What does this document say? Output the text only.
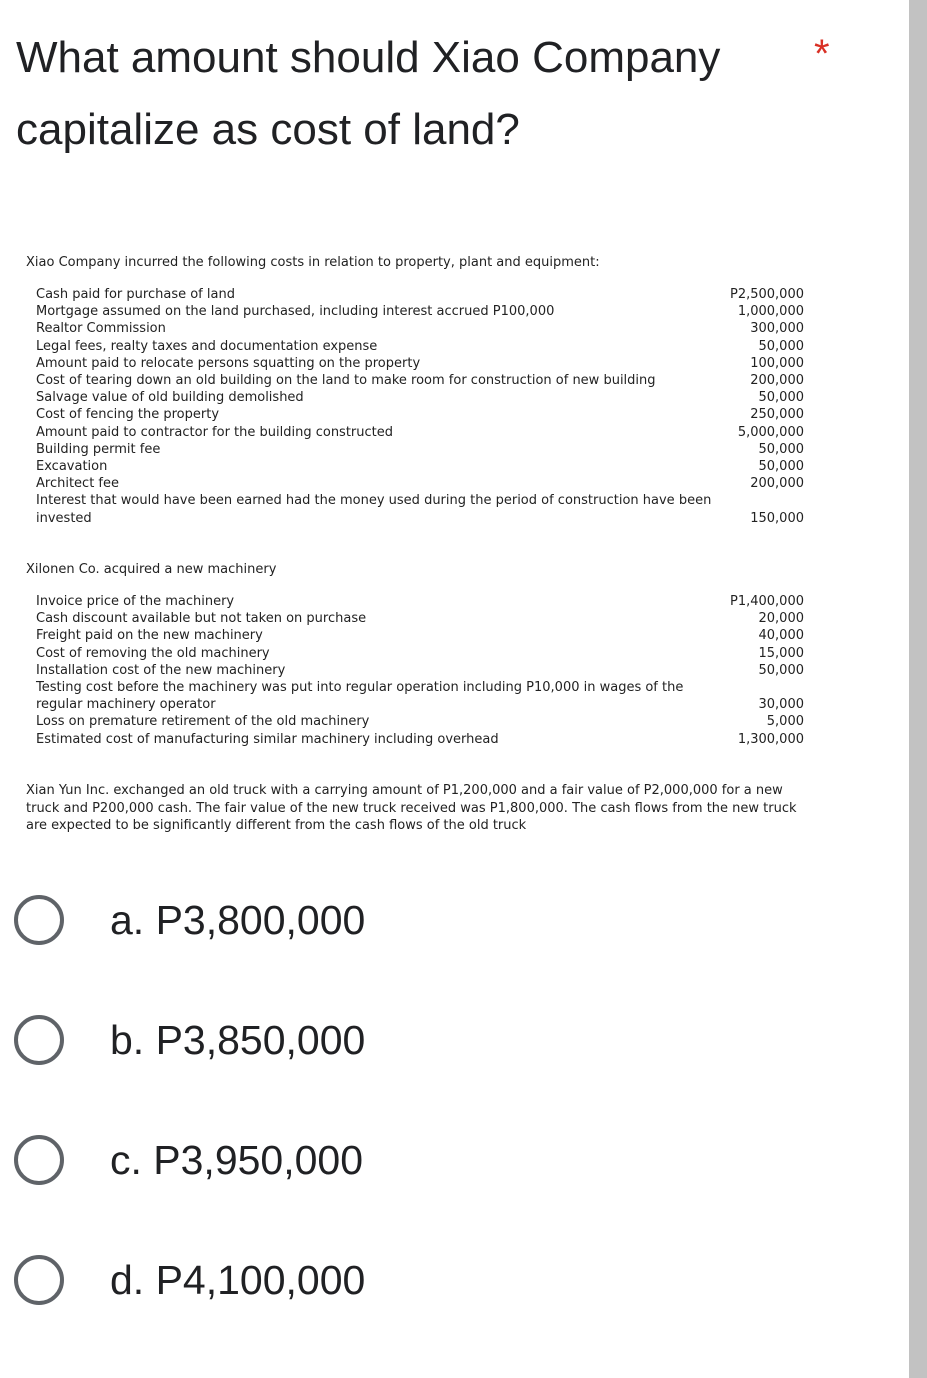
What amount should Xiao Company capitalize as cost of land?
*

Xiao Company incurred the following costs in relation to property, plant and equipment:

Cash paid for purchase of land	P2,500,000
Mortgage assumed on the land purchased, including interest accrued P100,000	1,000,000
Realtor Commission	300,000
Legal fees, realty taxes and documentation expense	50,000
Amount paid to relocate persons squatting on the property	100,000
Cost of tearing down an old building on the land to make room for construction of new building	200,000
Salvage value of old building demolished	50,000
Cost of fencing the property	250,000
Amount paid to contractor for the building constructed	5,000,000
Building permit fee	50,000
Excavation	50,000
Architect fee	200,000
Interest that would have been earned had the money used during the period of construction have been invested	150,000

Xilonen Co. acquired a new machinery

Invoice price of the machinery	P1,400,000
Cash discount available but not taken on purchase	20,000
Freight paid on the new machinery	40,000
Cost of removing the old machinery	15,000
Installation cost of the new machinery	50,000
Testing cost before the machinery was put into regular operation including P10,000 in wages of the regular machinery operator	30,000
Loss on premature retirement of the old machinery	5,000
Estimated cost of manufacturing similar machinery including overhead	1,300,000

Xian Yun Inc. exchanged an old truck with a carrying amount of P1,200,000 and a fair value of P2,000,000 for a new truck and P200,000 cash. The fair value of the new truck received was P1,800,000. The cash flows from the new truck are expected to be significantly different from the cash flows of the old truck

a. P3,800,000
b. P3,850,000
c. P3,950,000
d. P4,100,000
